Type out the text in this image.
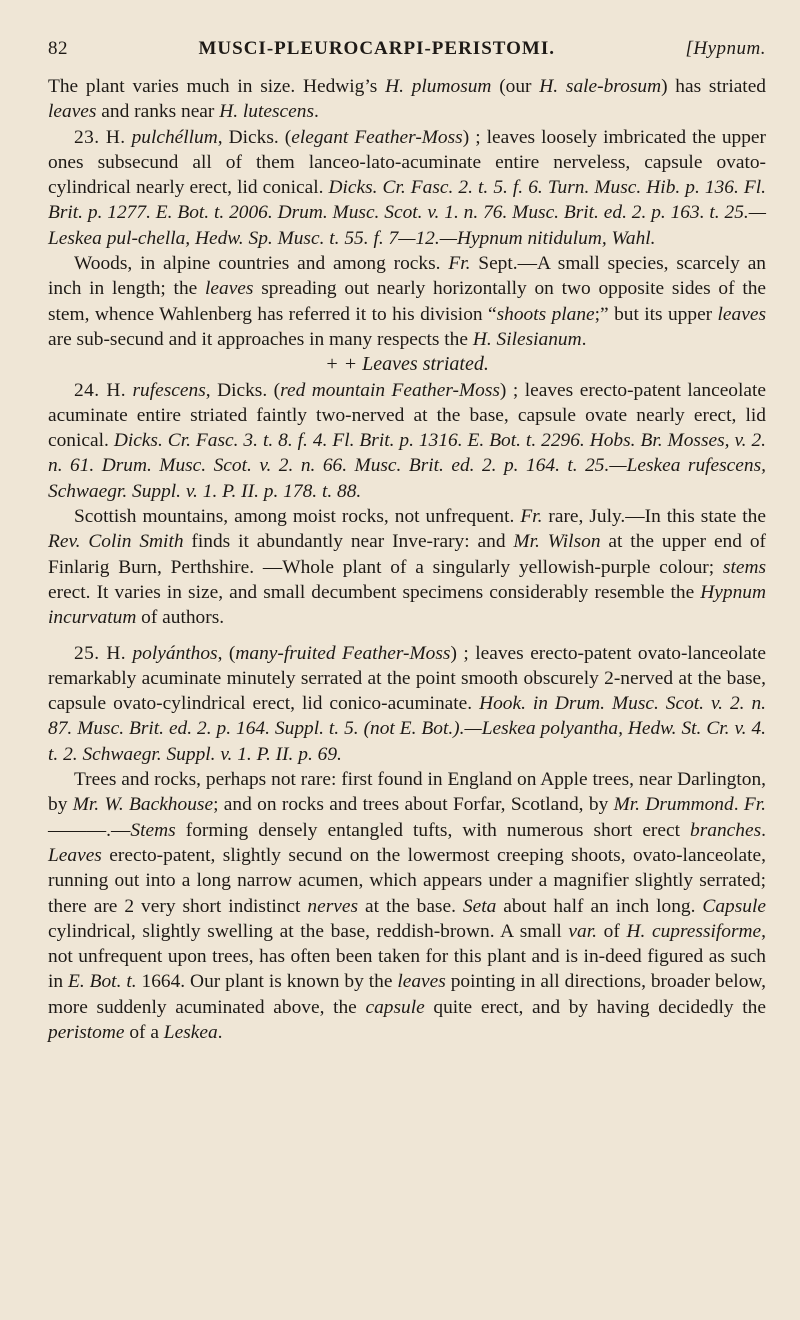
82	MUSCI-PLEUROCARPI-PERISTOMI.	[Hypnum.

The plant varies much in size. Hedwig’s H. plumosum (our H. sale-brosum) has striated leaves and ranks near H. lutescens.

23. H. pulchéllum, Dicks. (elegant Feather-Moss) ; leaves loosely imbricated the upper ones subsecund all of them lanceo-lato-acuminate entire nerveless, capsule ovato-cylindrical nearly erect, lid conical. Dicks. Cr. Fasc. 2. t. 5. f. 6. Turn. Musc. Hib. p. 136. Fl. Brit. p. 1277. E. Bot. t. 2006. Drum. Musc. Scot. v. 1. n. 76. Musc. Brit. ed. 2. p. 163. t. 25.—Leskea pul-chella, Hedw. Sp. Musc. t. 55. f. 7—12.—Hypnum nitidulum, Wahl.

Woods, in alpine countries and among rocks. Fr. Sept.—A small species, scarcely an inch in length; the leaves spreading out nearly horizontally on two opposite sides of the stem, whence Wahlenberg has referred it to his division “shoots plane;” but its upper leaves are sub-secund and it approaches in many respects the H. Silesianum.

+ + Leaves striated.

24. H. rufescens, Dicks. (red mountain Feather-Moss) ; leaves erecto-patent lanceolate acuminate entire striated faintly two-nerved at the base, capsule ovate nearly erect, lid conical. Dicks. Cr. Fasc. 3. t. 8. f. 4. Fl. Brit. p. 1316. E. Bot. t. 2296. Hobs. Br. Mosses, v. 2. n. 61. Drum. Musc. Scot. v. 2. n. 66. Musc. Brit. ed. 2. p. 164. t. 25.—Leskea rufescens, Schwaegr. Suppl. v. 1. P. II. p. 178. t. 88.

Scottish mountains, among moist rocks, not unfrequent. Fr. rare, July.—In this state the Rev. Colin Smith finds it abundantly near Inve-rary: and Mr. Wilson at the upper end of Finlarig Burn, Perthshire. —Whole plant of a singularly yellowish-purple colour; stems erect. It varies in size, and small decumbent specimens considerably resemble the Hypnum incurvatum of authors.

25. H. polyánthos, (many-fruited Feather-Moss) ; leaves erecto-patent ovato-lanceolate remarkably acuminate minutely serrated at the point smooth obscurely 2-nerved at the base, capsule ovato-cylindrical erect, lid conico-acuminate. Hook. in Drum. Musc. Scot. v. 2. n. 87. Musc. Brit. ed. 2. p. 164. Suppl. t. 5. (not E. Bot.).—Leskea polyantha, Hedw. St. Cr. v. 4. t. 2. Schwaegr. Suppl. v. 1. P. II. p. 69.

Trees and rocks, perhaps not rare: first found in England on Apple trees, near Darlington, by Mr. W. Backhouse; and on rocks and trees about Forfar, Scotland, by Mr. Drummond. Fr. ———.—Stems forming densely entangled tufts, with numerous short erect branches. Leaves erecto-patent, slightly secund on the lowermost creeping shoots, ovato-lanceolate, running out into a long narrow acumen, which appears under a magnifier slightly serrated; there are 2 very short indistinct nerves at the base. Seta about half an inch long. Capsule cylindrical, slightly swelling at the base, reddish-brown. A small var. of H. cupressiforme, not unfrequent upon trees, has often been taken for this plant and is in-deed figured as such in E. Bot. t. 1664. Our plant is known by the leaves pointing in all directions, broader below, more suddenly acuminated above, the capsule quite erect, and by having decidedly the peristome of a Leskea.
